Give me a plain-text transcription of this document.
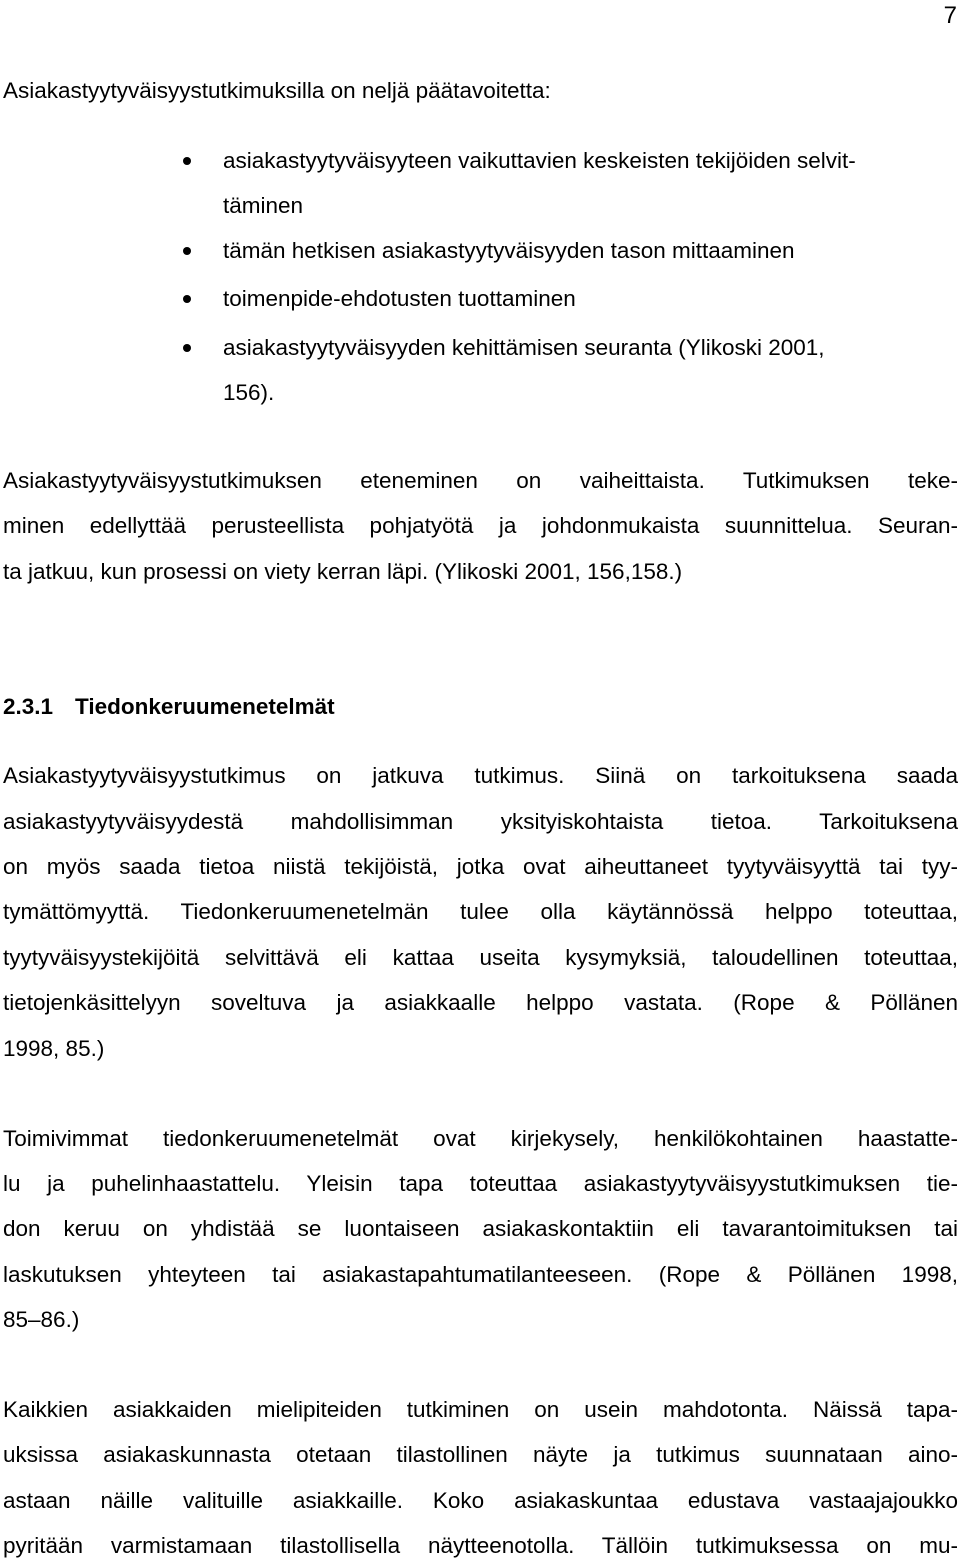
7
Asiakastyytyväisyystutkimuksilla on neljä päätavoitetta:
asiakastyytyväisyyteen vaikuttavien keskeisten tekijöiden selvit-
täminen
tämän hetkisen asiakastyytyväisyyden tason mittaaminen
toimenpide-ehdotusten tuottaminen
asiakastyytyväisyyden kehittämisen seuranta (Ylikoski 2001,
156).
Asiakastyytyväisyystutkimuksen eteneminen on vaiheittaista. Tutkimuksen teke-
minen edellyttää perusteellista pohjatyötä ja johdonmukaista suunnittelua. Seuran-
ta jatkuu, kun prosessi on viety kerran läpi. (Ylikoski 2001, 156,158.)
2.3.1 Tiedonkeruumenetelmät
Asiakastyytyväisyystutkimus on jatkuva tutkimus. Siinä on tarkoituksena saada
asiakastyytyväisyydestä mahdollisimman yksityiskohtaista tietoa. Tarkoituksena
on myös saada tietoa niistä tekijöistä, jotka ovat aiheuttaneet tyytyväisyyttä tai tyy-
tymättömyyttä. Tiedonkeruumenetelmän tulee olla käytännössä helppo toteuttaa,
tyytyväisyystekijöitä selvittävä eli kattaa useita kysymyksiä, taloudellinen toteuttaa,
tietojenkäsittelyyn soveltuva ja asiakkaalle helppo vastata. (Rope & Pöllänen
1998, 85.)
Toimivimmat tiedonkeruumenetelmät ovat kirjekysely, henkilökohtainen haastatte-
lu ja puhelinhaastattelu. Yleisin tapa toteuttaa asiakastyytyväisyystutkimuksen tie-
don keruu on yhdistää se luontaiseen asiakaskontaktiin eli tavarantoimituksen tai
laskutuksen yhteyteen tai asiakastapahtumatilanteeseen. (Rope & Pöllänen 1998,
85–86.)
Kaikkien asiakkaiden mielipiteiden tutkiminen on usein mahdotonta. Näissä tapa-
uksissa asiakaskunnasta otetaan tilastollinen näyte ja tutkimus suunnataan aino-
astaan näille valituille asiakkaille. Koko asiakaskuntaa edustava vastaajajoukko
pyritään varmistamaan tilastollisella näytteenotolla. Tällöin tutkimuksessa on mu-
